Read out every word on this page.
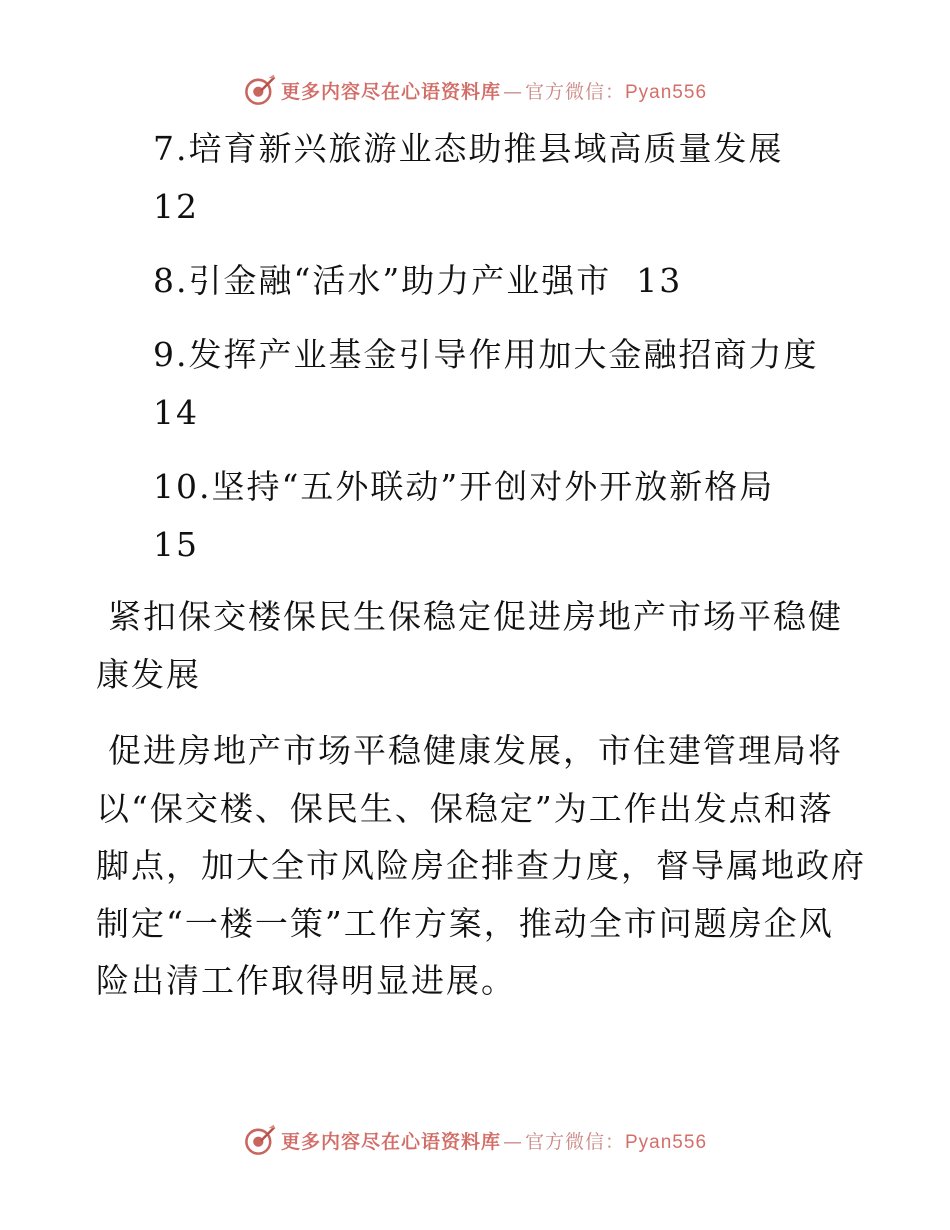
更多内容尽在心语资料库 — 官方微信：Pyan556
7.培育新兴旅游业态助推县域高质量发展
12
8.引金融“活水”助力产业强市 13
9.发挥产业基金引导作用加大金融招商力度
14
10.坚持“五外联动”开创对外开放新格局
15
紧扣保交楼保民生保稳定促进房地产市场平稳健
康发展
促进房地产市场平稳健康发展，市住建管理局将
以“保交楼、保民生、保稳定”为工作出发点和落
脚点，加大全市风险房企排查力度，督导属地政府
制定“一楼一策”工作方案，推动全市问题房企风
险出清工作取得明显进展。
更多内容尽在心语资料库 — 官方微信：Pyan556
